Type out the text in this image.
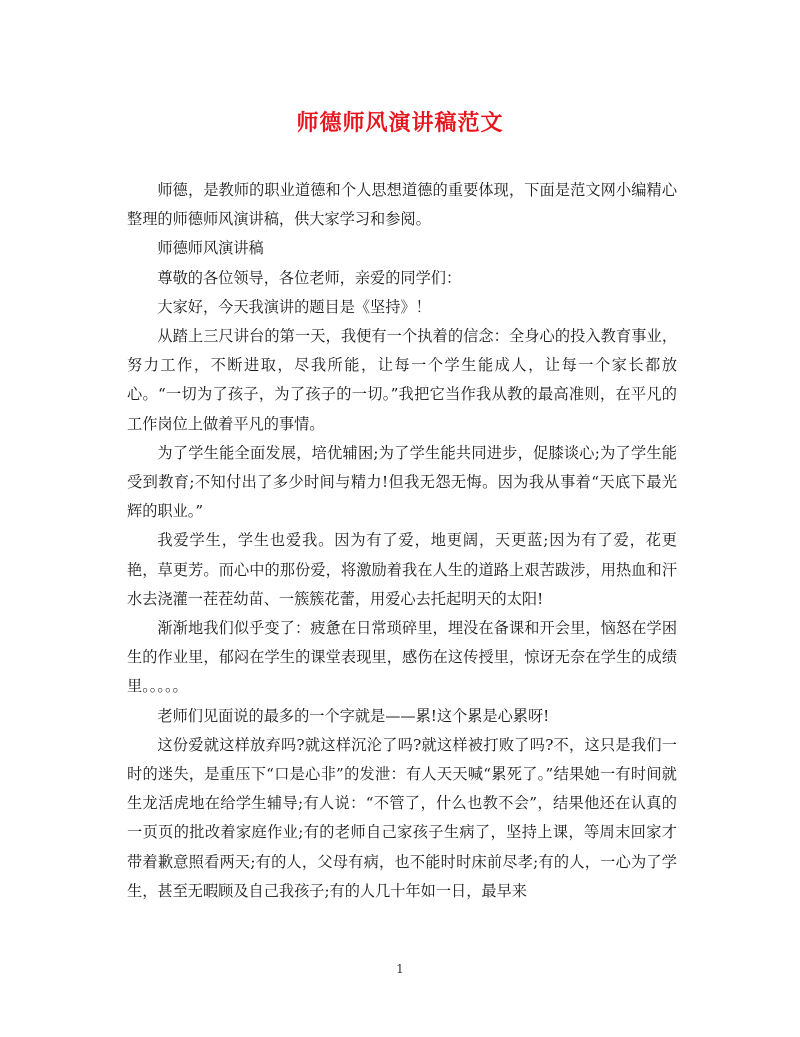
师德师风演讲稿范文

师德，是教师的职业道德和个人思想道德的重要体现，下面是范文网小编精心整理的师德师风演讲稿，供大家学习和参阅。

师德师风演讲稿

尊敬的各位领导，各位老师，亲爱的同学们：

大家好，今天我演讲的题目是《坚持》！

从踏上三尺讲台的第一天，我便有一个执着的信念：全身心的投入教育事业，努力工作，不断进取，尽我所能，让每一个学生能成人，让每一个家长都放心。“一切为了孩子，为了孩子的一切。”我把它当作我从教的最高准则，在平凡的工作岗位上做着平凡的事情。

为了学生能全面发展，培优辅困;为了学生能共同进步，促膝谈心;为了学生能受到教育;不知付出了多少时间与精力!但我无怨无悔。因为我从事着“天底下最光辉的职业。”

我爱学生，学生也爱我。因为有了爱，地更阔，天更蓝;因为有了爱，花更艳，草更芳。而心中的那份爱，将激励着我在人生的道路上艰苦跋涉，用热血和汗水去浇灌一茬茬幼苗、一簇簇花蕾，用爱心去托起明天的太阳!

渐渐地我们似乎变了：疲惫在日常琐碎里，埋没在备课和开会里，恼怒在学困生的作业里，郁闷在学生的课堂表现里，感伤在这传授里，惊讶无奈在学生的成绩里。。。。。

老师们见面说的最多的一个字就是——累!这个累是心累呀!

这份爱就这样放弃吗?就这样沉沦了吗?就这样被打败了吗?不，这只是我们一时的迷失，是重压下“口是心非”的发泄：有人天天喊“累死了。”结果她一有时间就生龙活虎地在给学生辅导;有人说：“不管了，什么也教不会”，结果他还在认真的一页页的批改着家庭作业;有的老师自己家孩子生病了，坚持上课，等周末回家才带着歉意照看两天;有的人，父母有病，也不能时时床前尽孝;有的人，一心为了学生，甚至无暇顾及自己我孩子;有的人几十年如一日，最早来

1
